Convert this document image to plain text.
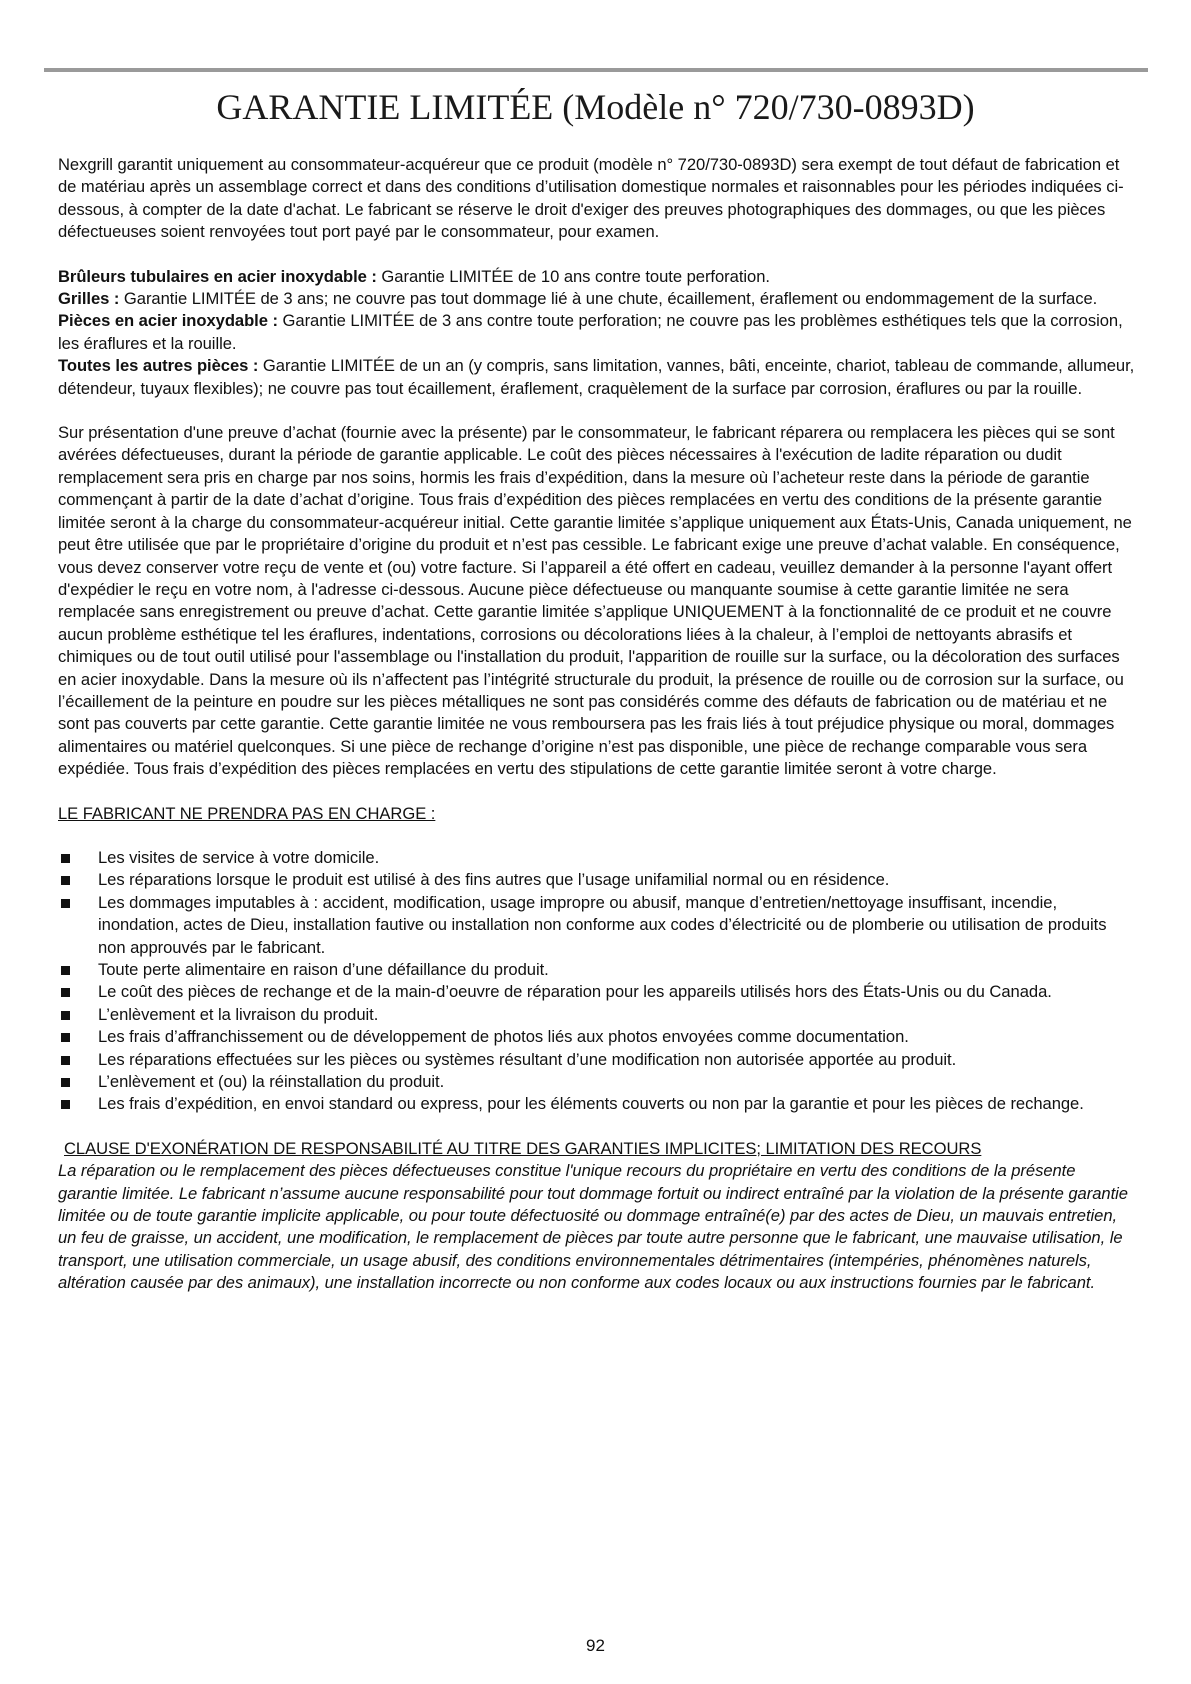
GARANTIE LIMITÉE (Modèle n° 720/730-0893D)

Nexgrill garantit uniquement au consommateur-acquéreur que ce produit (modèle n° 720/730-0893D) sera exempt de tout défaut de fabrication et de matériau après un assemblage correct et dans des conditions d’utilisation domestique normales et raisonnables pour les périodes indiquées ci-dessous, à compter de la date d'achat. Le fabricant se réserve le droit d'exiger des preuves photographiques des dommages, ou que les pièces défectueuses soient renvoyées tout port payé par le consommateur, pour examen.

Brûleurs tubulaires en acier inoxydable : Garantie LIMITÉE de 10 ans contre toute perforation.

Grilles : Garantie LIMITÉE de 3 ans; ne couvre pas tout dommage lié à une chute, écaillement, éraflement ou endommagement de la surface.

Pièces en acier inoxydable : Garantie LIMITÉE de 3 ans contre toute perforation; ne couvre pas les problèmes esthétiques tels que la corrosion, les éraflures et la rouille.

Toutes les autres pièces : Garantie LIMITÉE de un an (y compris, sans limitation, vannes, bâti, enceinte, chariot, tableau de commande, allumeur, détendeur, tuyaux flexibles); ne couvre pas tout écaillement, éraflement, craquèlement de la surface par corrosion, éraflures ou par la rouille.

Sur présentation d'une preuve d’achat (fournie avec la présente) par le consommateur, le fabricant réparera ou remplacera les pièces qui se sont avérées défectueuses, durant la période de garantie applicable. Le coût des pièces nécessaires à l'exécution de ladite réparation ou dudit remplacement sera pris en charge par nos soins, hormis les frais d’expédition, dans la mesure où l’acheteur reste dans la période de garantie commençant à partir de la date d’achat d’origine. Tous frais d’expédition des pièces remplacées en vertu des conditions de la présente garantie limitée seront à la charge du consommateur-acquéreur initial. Cette garantie limitée s’applique uniquement aux États-Unis, Canada uniquement, ne peut être utilisée que par le propriétaire d’origine du produit et n’est pas cessible. Le fabricant exige une preuve d’achat valable. En conséquence, vous devez conserver votre reçu de vente et (ou) votre facture. Si l’appareil a été offert en cadeau, veuillez demander à la personne l'ayant offert d'expédier le reçu en votre nom, à l'adresse ci-dessous. Aucune pièce défectueuse ou manquante soumise à cette garantie limitée ne sera remplacée sans enregistrement ou preuve d’achat. Cette garantie limitée s’applique UNIQUEMENT à la fonctionnalité de ce produit et ne couvre aucun problème esthétique tel les éraflures, indentations, corrosions ou décolorations liées à la chaleur, à l’emploi de nettoyants abrasifs et chimiques ou de tout outil utilisé pour l'assemblage ou l'installation du produit, l'apparition de rouille sur la surface, ou la décoloration des surfaces en acier inoxydable. Dans la mesure où ils n’affectent pas l’intégrité structurale du produit, la présence de rouille ou de corrosion sur la surface, ou l’écaillement de la peinture en poudre sur les pièces métalliques ne sont pas considérés comme des défauts de fabrication ou de matériau et ne sont pas couverts par cette garantie. Cette garantie limitée ne vous remboursera pas les frais liés à tout préjudice physique ou moral, dommages alimentaires ou matériel quelconques. Si une pièce de rechange d’origine n’est pas disponible, une pièce de rechange comparable vous sera expédiée. Tous frais d’expédition des pièces remplacées en vertu des stipulations de cette garantie limitée seront à votre charge.

LE FABRICANT NE PRENDRA PAS EN CHARGE :

Les visites de service à votre domicile.
Les réparations lorsque le produit est utilisé à des fins autres que l’usage unifamilial normal ou en résidence.
Les dommages imputables à : accident, modification, usage impropre ou abusif, manque d’entretien/nettoyage insuffisant, incendie, inondation, actes de Dieu, installation fautive ou installation non conforme aux codes d’électricité ou de plomberie ou utilisation de produits non approuvés par le fabricant.
Toute perte alimentaire en raison d’une défaillance du produit.
Le coût des pièces de rechange et de la main-d’oeuvre de réparation pour les appareils utilisés hors des États-Unis ou du Canada.
L’enlèvement et la livraison du produit.
Les frais d’affranchissement ou de développement de photos liés aux photos envoyées comme documentation.
Les réparations effectuées sur les pièces ou systèmes résultant d’une modification non autorisée apportée au produit.
L’enlèvement et (ou) la réinstallation du produit.
Les frais d’expédition, en envoi standard ou express, pour les éléments couverts ou non par la garantie et pour les pièces de rechange.

CLAUSE D'EXONÉRATION DE RESPONSABILITÉ AU TITRE DES GARANTIES IMPLICITES; LIMITATION DES RECOURS

La réparation ou le remplacement des pièces défectueuses constitue l'unique recours du propriétaire en vertu des conditions de la présente garantie limitée. Le fabricant n’assume aucune responsabilité pour tout dommage fortuit ou indirect entraîné par la violation de la présente garantie limitée ou de toute garantie implicite applicable, ou pour toute défectuosité ou dommage entraîné(e) par des actes de Dieu, un mauvais entretien, un feu de graisse, un accident, une modification, le remplacement de pièces par toute autre personne que le fabricant, une mauvaise utilisation, le transport, une utilisation commerciale, un usage abusif, des conditions environnementales détrimentaires (intempéries, phénomènes naturels, altération causée par des animaux), une installation incorrecte ou non conforme aux codes locaux ou aux instructions fournies par le fabricant.

92
